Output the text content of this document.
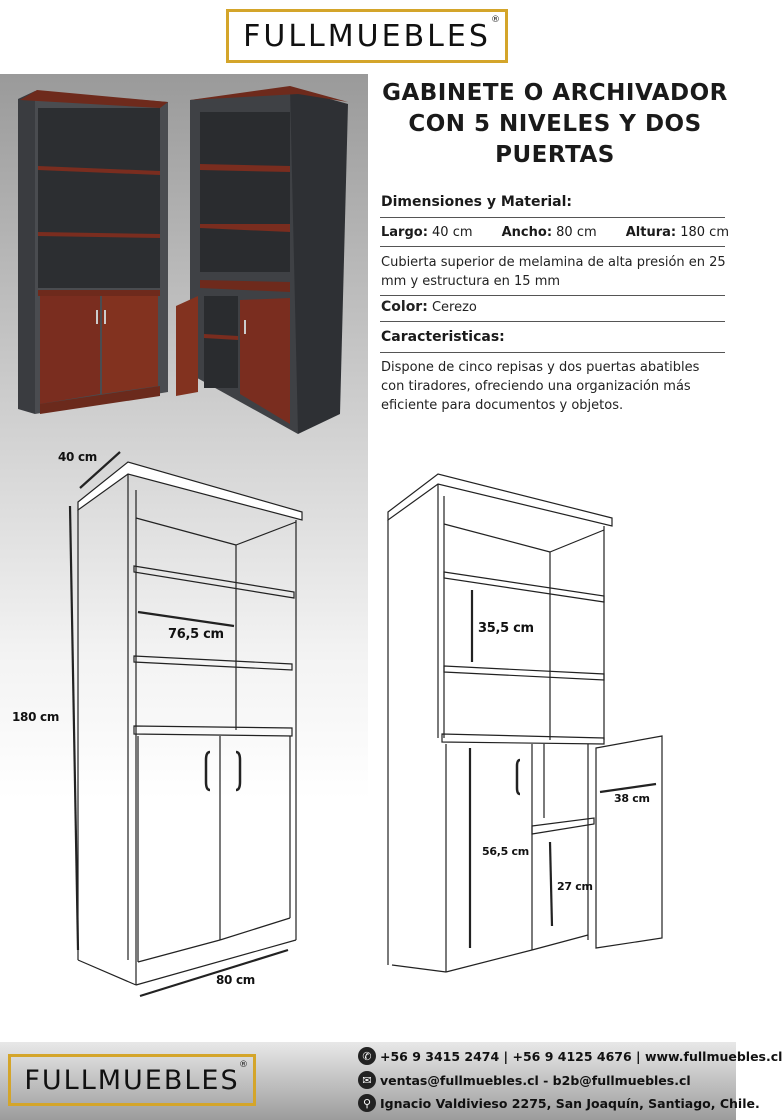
FULLMUEBLES ®
GABINETE O ARCHIVADOR
CON 5 NIVELES Y DOS
PUERTAS
Dimensiones y Material:
Largo: 40 cm Ancho: 80 cm Altura: 180 cm
Cubierta superior de melamina de alta presión en 25 mm y estructura en 15 mm
Color: Cerezo
Caracteristicas:
Dispone de cinco repisas y dos puertas abatibles con tiradores, ofreciendo una organización más eficiente para documentos y objetos.
40 cm
180 cm
76,5 cm
80 cm
35,5 cm
38 cm
56,5 cm
27 cm
FULLMUEBLES ®
✆ +56 9 3415 2474 | +56 9 4125 4676 | www.fullmuebles.cl
✉ ventas@fullmuebles.cl - b2b@fullmuebles.cl
⚲ Ignacio Valdivieso 2275, San Joaquín, Santiago, Chile.
